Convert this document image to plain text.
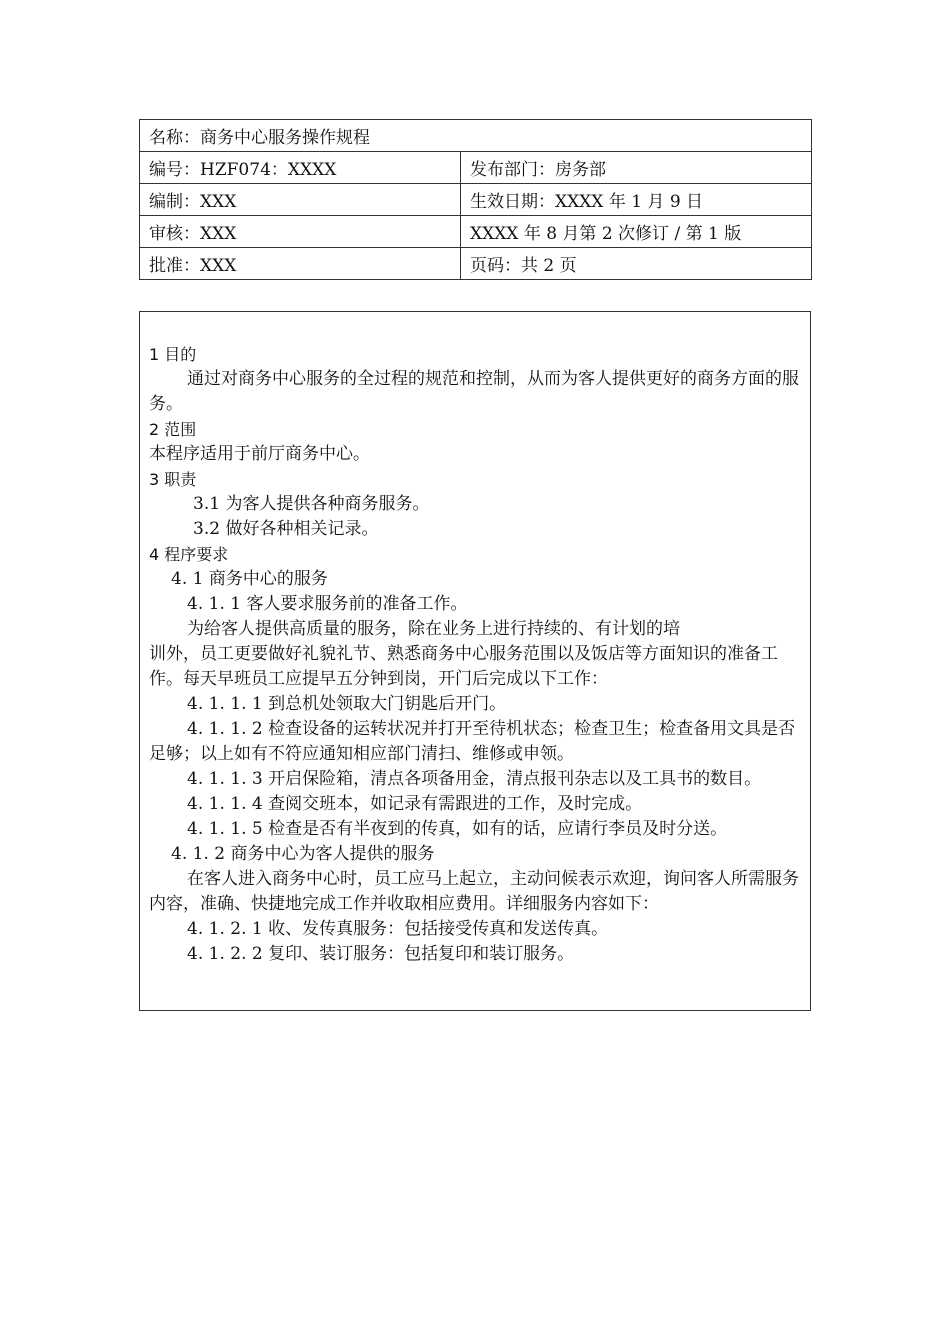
名称：商务中心服务操作规程	
编号：HZF074：XXXX	发布部门：房务部
编制：XXX	生效日期：XXXX 年 1 月 9 日
审核：XXX	XXXX 年 8 月第 2 次修订 / 第 1 版
批准：XXX	页码：共 2 页

1 目的

通过对商务中心服务的全过程的规范和控制，从而为客人提供更好的商务方面的服务。

2 范围

本程序适用于前厅商务中心。

3 职责

3.1 为客人提供各种商务服务。

3.2 做好各种相关记录。

4 程序要求

4. 1 商务中心的服务

4. 1. 1 客人要求服务前的准备工作。

为给客人提供高质量的服务，除在业务上进行持续的、有计划的培

训外，员工更要做好礼貌礼节、熟悉商务中心服务范围以及饭店等方面知识的准备工作。每天早班员工应提早五分钟到岗，开门后完成以下工作：

4. 1. 1. 1 到总机处领取大门钥匙后开门。

4. 1. 1. 2 检查设备的运转状况并打开至待机状态；检查卫生；检查备用文具是否足够；以上如有不符应通知相应部门清扫、维修或申领。

4. 1. 1. 3 开启保险箱，清点各项备用金，清点报刊杂志以及工具书的数目。

4. 1. 1. 4 查阅交班本，如记录有需跟进的工作，及时完成。

4. 1. 1. 5 检查是否有半夜到的传真，如有的话，应请行李员及时分送。

4. 1. 2 商务中心为客人提供的服务

在客人进入商务中心时，员工应马上起立，主动问候表示欢迎，询问客人所需服务内容，准确、快捷地完成工作并收取相应费用。详细服务内容如下：

4. 1. 2. 1 收、发传真服务：包括接受传真和发送传真。

4. 1. 2. 2 复印、装订服务：包括复印和装订服务。
